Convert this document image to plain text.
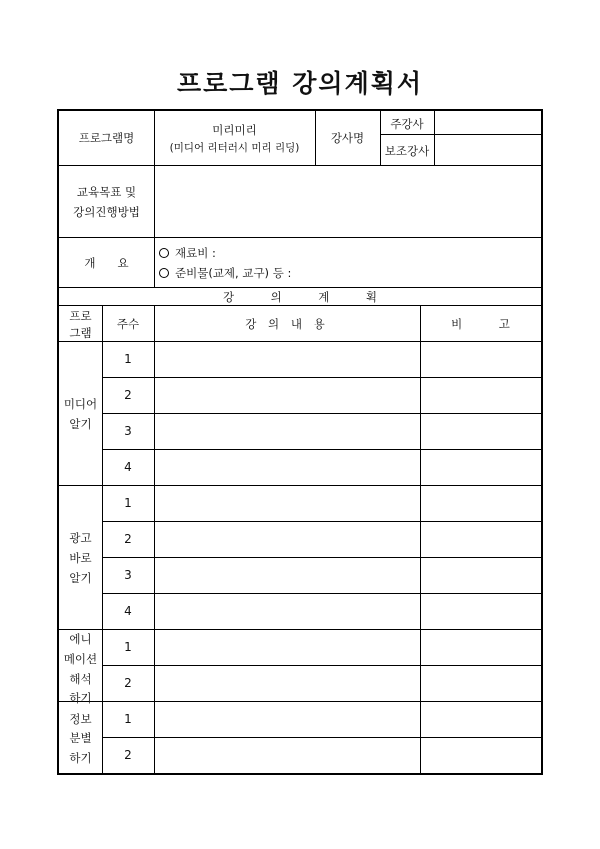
프로그램 강의계획서
프로그램명
미리미리
(미디어 리터러시 미리 리딩)
강사명
주강사
보조강사
교육목표 및
강의진행방법
개      요
재료비 :
준비물(교제, 교구) 등 :
강          의          계          획
프로
그램
주수	강 의 내 용	비          고
미디어
알기
광고
바로
알기
에니
메이션
해석
하기
정보
분별
하기
1
2
3
4
1
2
3
4
1
2
1
2
